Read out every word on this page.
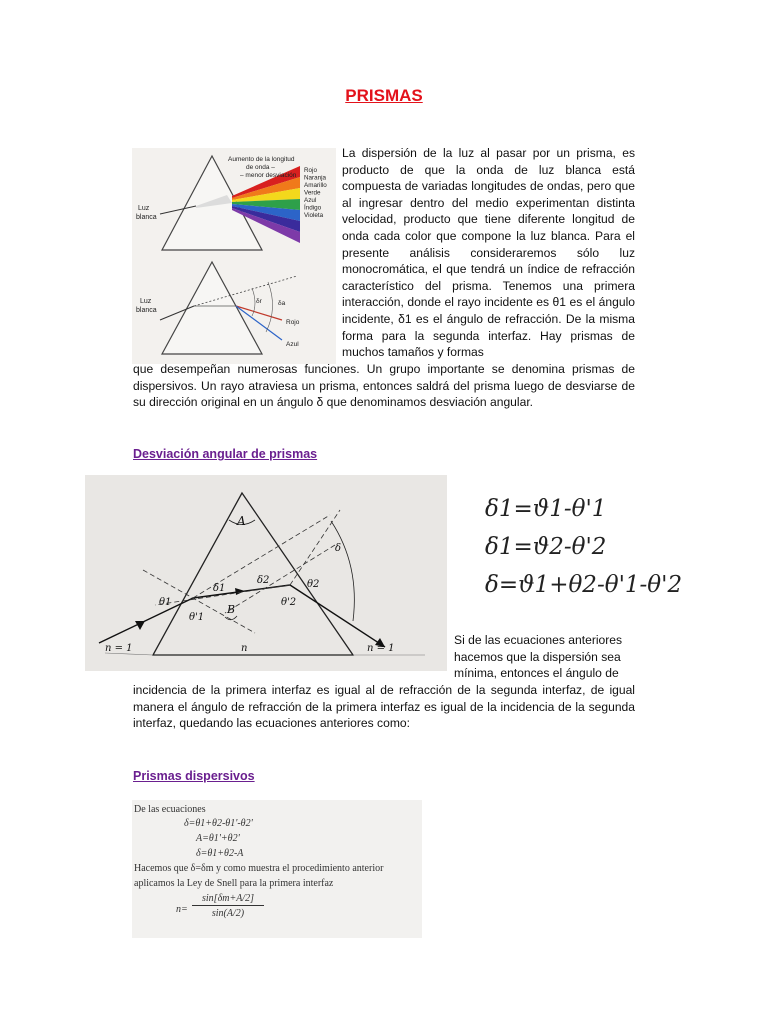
PRISMAS
Aumento de la longitud
de onda –
– menor desviación
Luz
blanca
Rojo
Naranja
Amarillo
Verde
Azul
Índigo
Violeta
δr δa
Rojo
Azul
Luz
blanca
La dispersión de la luz al pasar por un prisma, es producto de que la onda de luz blanca está compuesta de variadas longitudes de ondas, pero que al ingresar dentro del medio experimentan distinta velocidad, producto que tiene diferente longitud de onda cada color que compone la luz blanca. Para el presente análisis consideraremos sólo luz monocromática, el que tendrá un índice de refracción característico del prisma. Tenemos una primera interacción, donde el rayo incidente es θ1 es el ángulo incidente, δ1 es el ángulo de refracción. De la misma forma para la segunda interfaz. Hay prismas de muchos tamaños y formas
que desempeñan numerosas funciones. Un grupo importante se denomina prismas de dispersivos. Un rayo atraviesa un prisma, entonces saldrá del prisma luego de desviarse de su dirección original en un ángulo δ que denominamos desviación angular.
Desviación angular de prismas
A
B
δ
δ1
δ2
θ1
θ2
θ'1
θ'2
n = 1	n	n = 1
δ1=ϑ1-θ'1
δ1=ϑ2-θ'2
δ=ϑ1+θ2-θ'1-θ'2
Si de las ecuaciones anteriores hacemos que la dispersión sea mínima, entonces el ángulo de
incidencia de la primera interfaz es igual al de refracción de la segunda interfaz, de igual manera el ángulo de refracción de la primera interfaz es igual de la incidencia de la segunda interfaz, quedando las ecuaciones anteriores como:
Prismas dispersivos
De las ecuaciones
δ=θ1+θ2-θ1'-θ2'
A=θ1'+θ2'
δ=θ1+θ2-A
Hacemos que δ=δm y como muestra el procedimiento anterior
aplicamos la Ley de Snell para la primera interfaz
$n= \frac{\sin[\delta m+A/2]}{\sin(A/2)}$
